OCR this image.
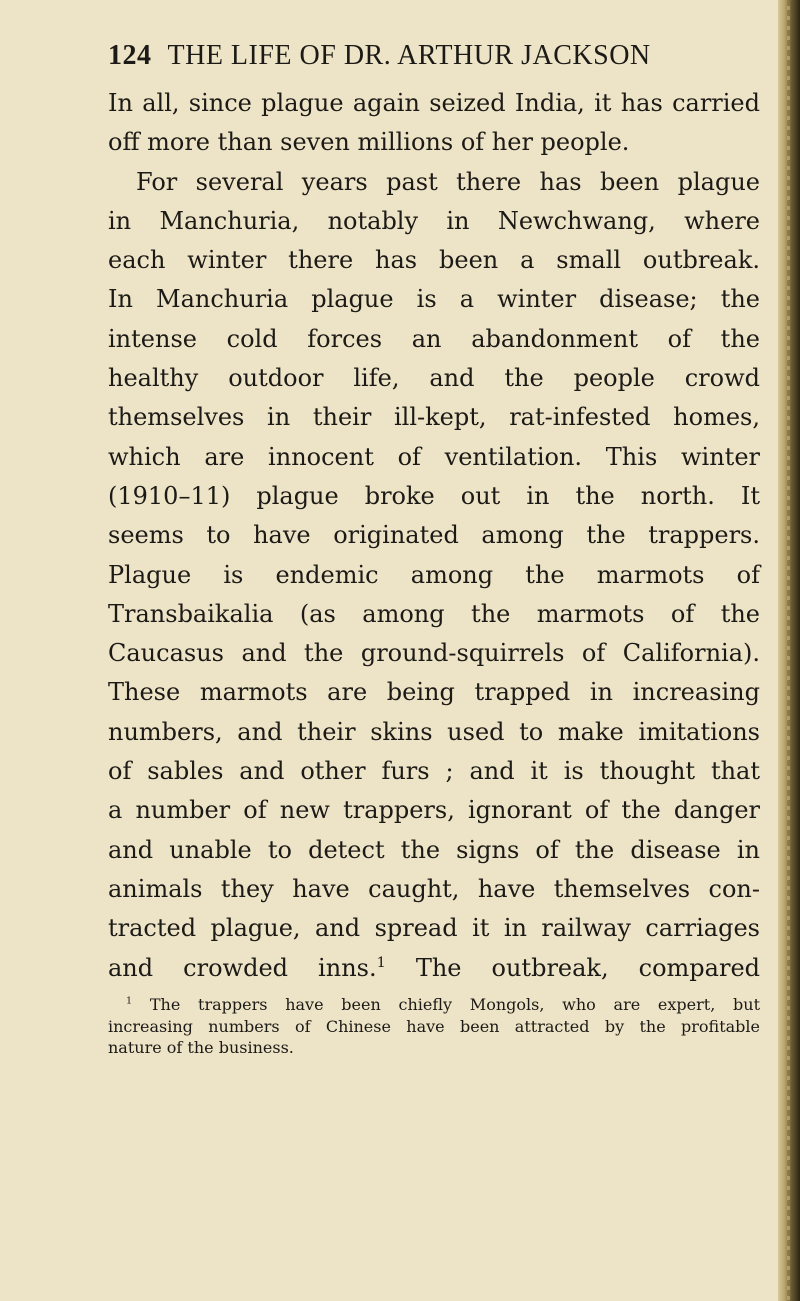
124 THE LIFE OF DR. ARTHUR JACKSON
In all, since plague again seized India, it has carried
off more than seven millions of her people.
For several years past there has been plague
in Manchuria, notably in Newchwang, where
each winter there has been a small outbreak.
In Manchuria plague is a winter disease; the
intense cold forces an abandonment of the
healthy outdoor life, and the people crowd
themselves in their ill-kept, rat-infested homes,
which are innocent of ventilation. This winter
(1910–11) plague broke out in the north. It
seems to have originated among the trappers.
Plague is endemic among the marmots of
Transbaikalia (as among the marmots of the
Caucasus and the ground-squirrels of California).
These marmots are being trapped in increasing
numbers, and their skins used to make imitations
of sables and other furs ; and it is thought that
a number of new trappers, ignorant of the danger
and unable to detect the signs of the disease in
animals they have caught, have themselves con-
tracted plague, and spread it in railway carriages
and crowded inns.$^1$ The outbreak, compared
$^1$ The trappers have been chiefly Mongols, who are expert, but
increasing numbers of Chinese have been attracted by the profitable
nature of the business.
